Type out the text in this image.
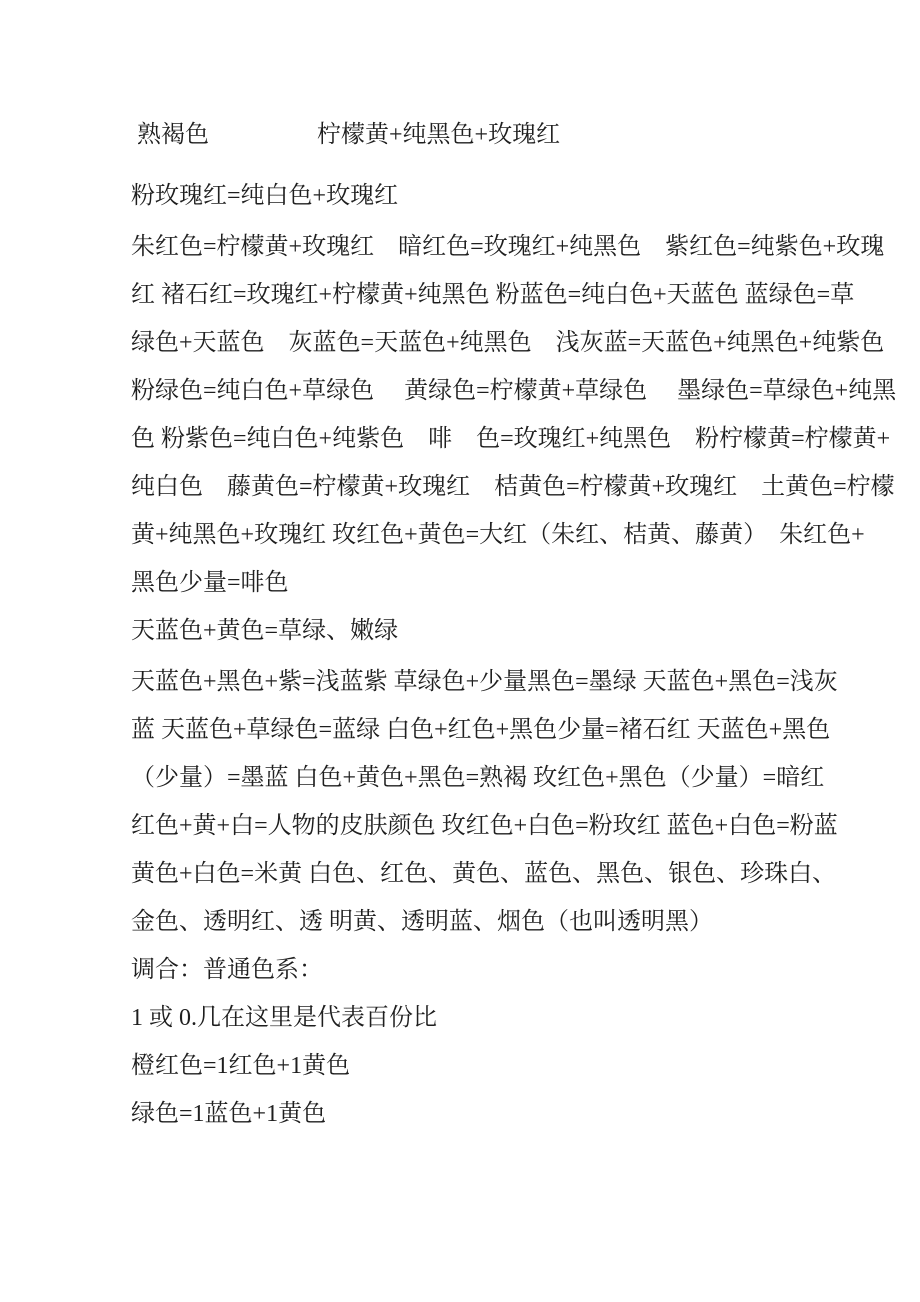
熟褐色　　　　  柠檬黄+纯黑色+玫瑰红
粉玫瑰红=纯白色+玫瑰红
朱红色=柠檬黄+玫瑰红　暗红色=玫瑰红+纯黑色　紫红色=纯紫色+玫瑰
红 褚石红=玫瑰红+柠檬黄+纯黑色 粉蓝色=纯白色+天蓝色 蓝绿色=草
绿色+天蓝色　灰蓝色=天蓝色+纯黑色　浅灰蓝=天蓝色+纯黑色+纯紫色
粉绿色=纯白色+草绿色　 黄绿色=柠檬黄+草绿色　 墨绿色=草绿色+纯黑
色 粉紫色=纯白色+纯紫色　啡　色=玫瑰红+纯黑色　粉柠檬黄=柠檬黄+
纯白色　藤黄色=柠檬黄+玫瑰红　桔黄色=柠檬黄+玫瑰红　土黄色=柠檬
黄+纯黑色+玫瑰红 玫红色+黄色=大红（朱红、桔黄、藤黄）　朱红色+
黑色少量=啡色
天蓝色+黄色=草绿、嫩绿
天蓝色+黑色+紫=浅蓝紫 草绿色+少量黑色=墨绿 天蓝色+黑色=浅灰
蓝 天蓝色+草绿色=蓝绿 白色+红色+黑色少量=褚石红 天蓝色+黑色
（少量）=墨蓝 白色+黄色+黑色=熟褐 玫红色+黑色（少量）=暗红
红色+黄+白=人物的皮肤颜色 玫红色+白色=粉玫红 蓝色+白色=粉蓝
黄色+白色=米黄 白色、红色、黄色、蓝色、黑色、银色、珍珠白、
金色、透明红、透 明黄、透明蓝、烟色（也叫透明黑）
调合：普通色系：
1 或 0.几在这里是代表百份比
橙红色=1红色+1黄色
绿色=1蓝色+1黄色
